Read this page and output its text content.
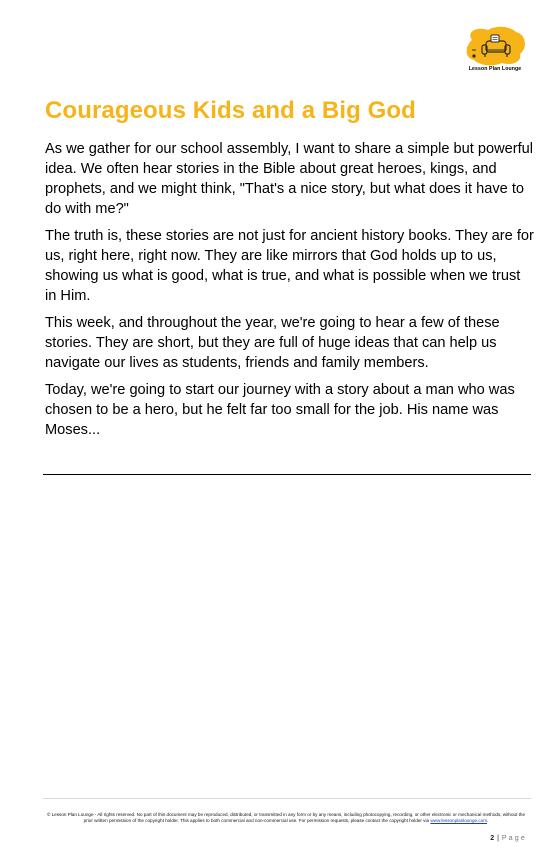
Lesson Plan Lounge
Courageous Kids and a Big God

As we gather for our school assembly, I want to share a simple but powerful idea. We often hear stories in the Bible about great heroes, kings, and prophets, and we might think, "That's a nice story, but what does it have to do with me?"

The truth is, these stories are not just for ancient history books. They are for us, right here, right now. They are like mirrors that God holds up to us, showing us what is good, what is true, and what is possible when we trust in Him.

This week, and throughout the year, we're going to hear a few of these stories. They are short, but they are full of huge ideas that can help us navigate our lives as students, friends and family members.

Today, we're going to start our journey with a story about a man who was chosen to be a hero, but he felt far too small for the job. His name was Moses...

© Lesson Plan Lounge - All rights reserved. No part of this document may be reproduced, distributed, or transmitted in any form or by any means, including photocopying, recording, or other electronic or mechanical methods, without the prior written permission of the copyright holder. This applies to both commercial and non-commercial use. For permission requests, please contact the copyright holder via www.lessonplanlounge.com.
2 | Page
